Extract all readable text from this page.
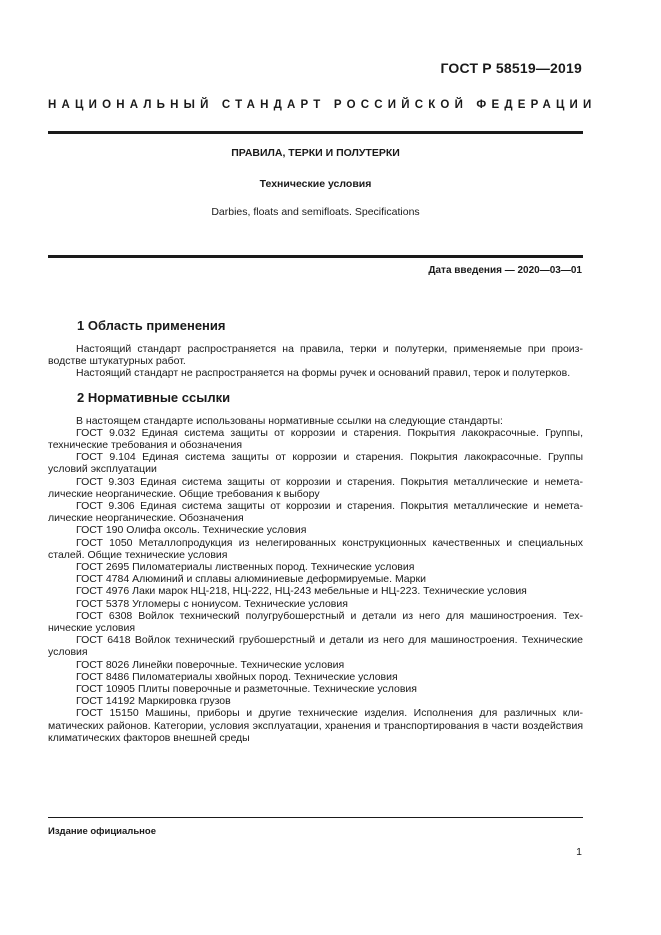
ГОСТ Р 58519—2019
НАЦИОНАЛЬНЫЙ СТАНДАРТ РОССИЙСКОЙ ФЕДЕРАЦИИ
ПРАВИЛА, ТЕРКИ И ПОЛУТЕРКИ
Технические условия
Darbies, floats and semifloats. Specifications
Дата введения — 2020—03—01
1 Область применения

Настоящий стандарт распространяется на правила, терки и полутерки, применяемые при производстве штукатурных работ.

Настоящий стандарт не распространяется на формы ручек и оснований правил, терок и полутерков.

2 Нормативные ссылки

В настоящем стандарте использованы нормативные ссылки на следующие стандарты:

ГОСТ 9.032 Единая система защиты от коррозии и старения. Покрытия лакокрасочные. Группы, технические требования и обозначения

ГОСТ 9.104 Единая система защиты от коррозии и старения. Покрытия лакокрасочные. Группы условий эксплуатации

ГОСТ 9.303 Единая система защиты от коррозии и старения. Покрытия металлические и неметалические неорганические. Общие требования к выбору

ГОСТ 9.306 Единая система защиты от коррозии и старения. Покрытия металлические и неметалические неорганические. Обозначения

ГОСТ 190 Олифа оксоль. Технические условия

ГОСТ 1050 Металлопродукция из нелегированных конструкционных качественных и специальных сталей. Общие технические условия

ГОСТ 2695 Пиломатериалы лиственных пород. Технические условия

ГОСТ 4784 Алюминий и сплавы алюминиевые деформируемые. Марки

ГОСТ 4976 Лаки марок НЦ-218, НЦ-222, НЦ-243 мебельные и НЦ-223. Технические условия

ГОСТ 5378 Угломеры с нониусом. Технические условия

ГОСТ 6308 Войлок технический полугрубошерстный и детали из него для машиностроения. Технические условия

ГОСТ 6418 Войлок технический грубошерстный и детали из него для машиностроения. Технические условия

ГОСТ 8026 Линейки поверочные. Технические условия

ГОСТ 8486 Пиломатериалы хвойных пород. Технические условия

ГОСТ 10905 Плиты поверочные и разметочные. Технические условия

ГОСТ 14192 Маркировка грузов

ГОСТ 15150 Машины, приборы и другие технические изделия. Исполнения для различных климатических районов. Категории, условия эксплуатации, хранения и транспортирования в части воздействия климатических факторов внешней среды

Издание официальное
1
